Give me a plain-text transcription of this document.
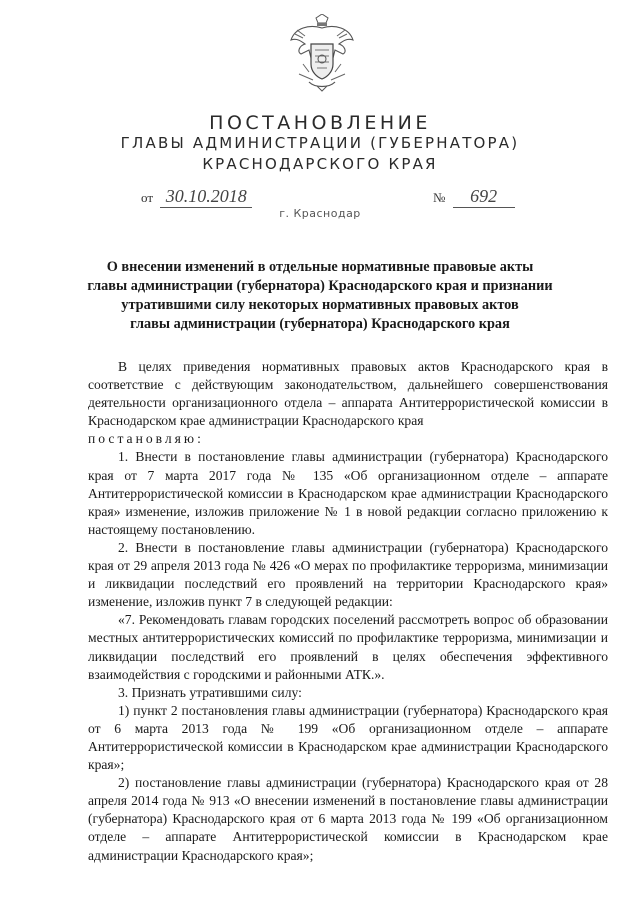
ПОСТАНОВЛЕНИЕ
ГЛАВЫ АДМИНИСТРАЦИИ (ГУБЕРНАТОРА)
КРАСНОДАРСКОГО КРАЯ
от 30.10.2018	№ 692
г. Краснодар
О внесении изменений в отдельные нормативные правовые акты
главы администрации (губернатора) Краснодарского края и признании
утратившими силу некоторых нормативных правовых актов
главы администрации (губернатора) Краснодарского края

В целях приведения нормативных правовых актов Краснодарского края в соответствие с действующим законодательством, дальнейшего совершенствования деятельности организационного отдела – аппарата Антитеррористической комиссии в Краснодарском крае администрации Краснодарского края

постановляю:

1. Внести в постановление главы администрации (губернатора) Краснодарского края от 7 марта 2017 года № 135 «Об организационном отделе – аппарате Антитеррористической комиссии в Краснодарском крае администрации Краснодарского края» изменение, изложив приложение № 1 в новой редакции согласно приложению к настоящему постановлению.

2. Внести в постановление главы администрации (губернатора) Краснодарского края от 29 апреля 2013 года № 426 «О мерах по профилактике терроризма, минимизации и ликвидации последствий его проявлений на территории Краснодарского края» изменение, изложив пункт 7 в следующей редакции:

«7. Рекомендовать главам городских поселений рассмотреть вопрос об образовании местных антитеррористических комиссий по профилактике терроризма, минимизации и ликвидации последствий его проявлений в целях обеспечения эффективного взаимодействия с городскими и районными АТК.».

3. Признать утратившими силу:

1) пункт 2 постановления главы администрации (губернатора) Краснодарского края от 6 марта 2013 года № 199 «Об организационном отделе – аппарате Антитеррористической комиссии в Краснодарском крае администрации Краснодарского края»;

2) постановление главы администрации (губернатора) Краснодарского края от 28 апреля 2014 года № 913 «О внесении изменений в постановление главы администрации (губернатора) Краснодарского края от 6 марта 2013 года № 199 «Об организационном отделе – аппарате Антитеррористической комиссии в Краснодарском крае администрации Краснодарского края»;
